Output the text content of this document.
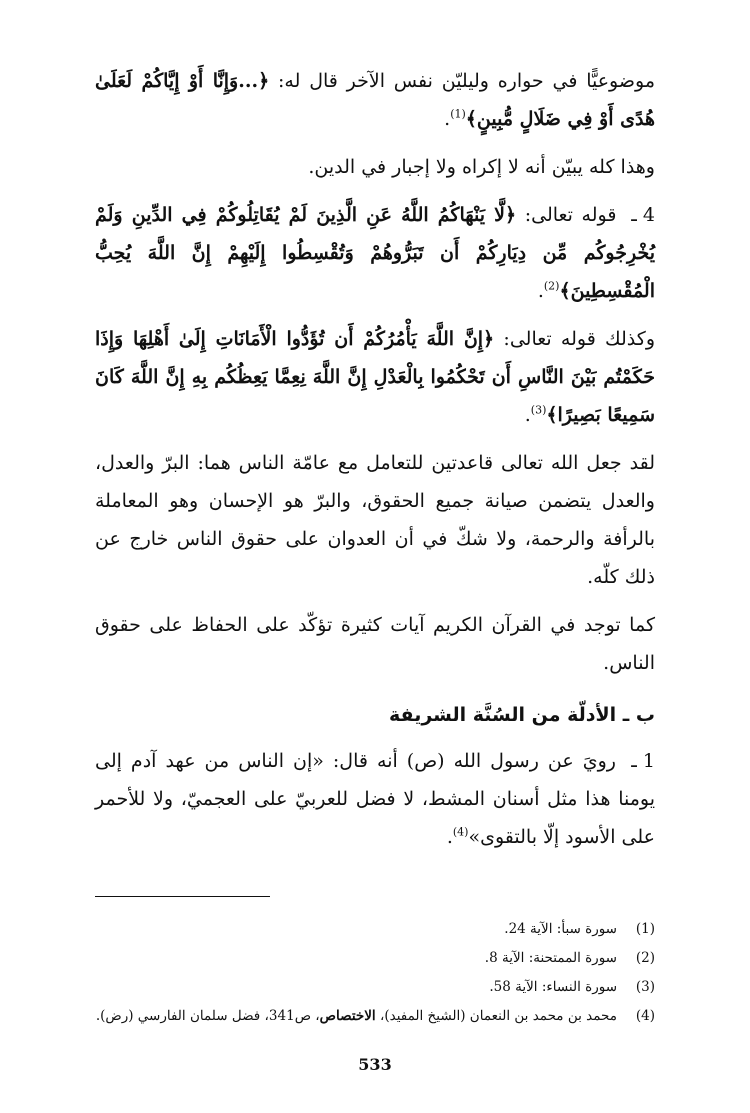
موضوعيًّا في حواره وليليّن نفس الآخر قال له: ﴿...وَإِنَّا أَوْ إِيَّاكُمْ لَعَلَىٰ هُدًى أَوْ فِي ضَلَالٍ مُّبِينٍ﴾$^{(1)}$.

وهذا كله يبيّن أنه لا إكراه ولا إجبار في الدين.

4 ـ قوله تعالى: ﴿لَّا يَنْهَاكُمُ اللَّهُ عَنِ الَّذِينَ لَمْ يُقَاتِلُوكُمْ فِي الدِّينِ وَلَمْ يُخْرِجُوكُم مِّن دِيَارِكُمْ أَن تَبَرُّوهُمْ وَتُقْسِطُوا إِلَيْهِمْ إِنَّ اللَّهَ يُحِبُّ الْمُقْسِطِينَ﴾$^{(2)}$.

وكذلك قوله تعالى: ﴿إِنَّ اللَّهَ يَأْمُرُكُمْ أَن تُؤَدُّوا الْأَمَانَاتِ إِلَىٰ أَهْلِهَا وَإِذَا حَكَمْتُم بَيْنَ النَّاسِ أَن تَحْكُمُوا بِالْعَدْلِ إِنَّ اللَّهَ نِعِمَّا يَعِظُكُم بِهِ إِنَّ اللَّهَ كَانَ سَمِيعًا بَصِيرًا﴾$^{(3)}$.

لقد جعل الله تعالى قاعدتين للتعامل مع عامّة الناس هما: البرّ والعدل، والعدل يتضمن صيانة جميع الحقوق، والبرّ هو الإحسان وهو المعاملة بالرأفة والرحمة، ولا شكّ في أن العدوان على حقوق الناس خارج عن ذلك كلّه.

كما توجد في القرآن الكريم آيات كثيرة تؤكّد على الحفاظ على حقوق الناس.

ب ـ الأدلّة من السُنَّة الشريفة

1 ـ رويَ عن رسول الله (ص) أنه قال: «إن الناس من عهد آدم إلى يومنا هذا مثل أسنان المشط، لا فضل للعربيّ على العجميّ، ولا للأحمر على الأسود إلّا بالتقوى»$^{(4)}$.

(1)
سورة سبأ: الآية 24.
(2)
سورة الممتحنة: الآية 8.
(3)
سورة النساء: الآية 58.
(4)
محمد بن محمد بن النعمان (الشيخ المفيد)، الاختصاص، ص341، فضل سلمان الفارسي (رض).
533
